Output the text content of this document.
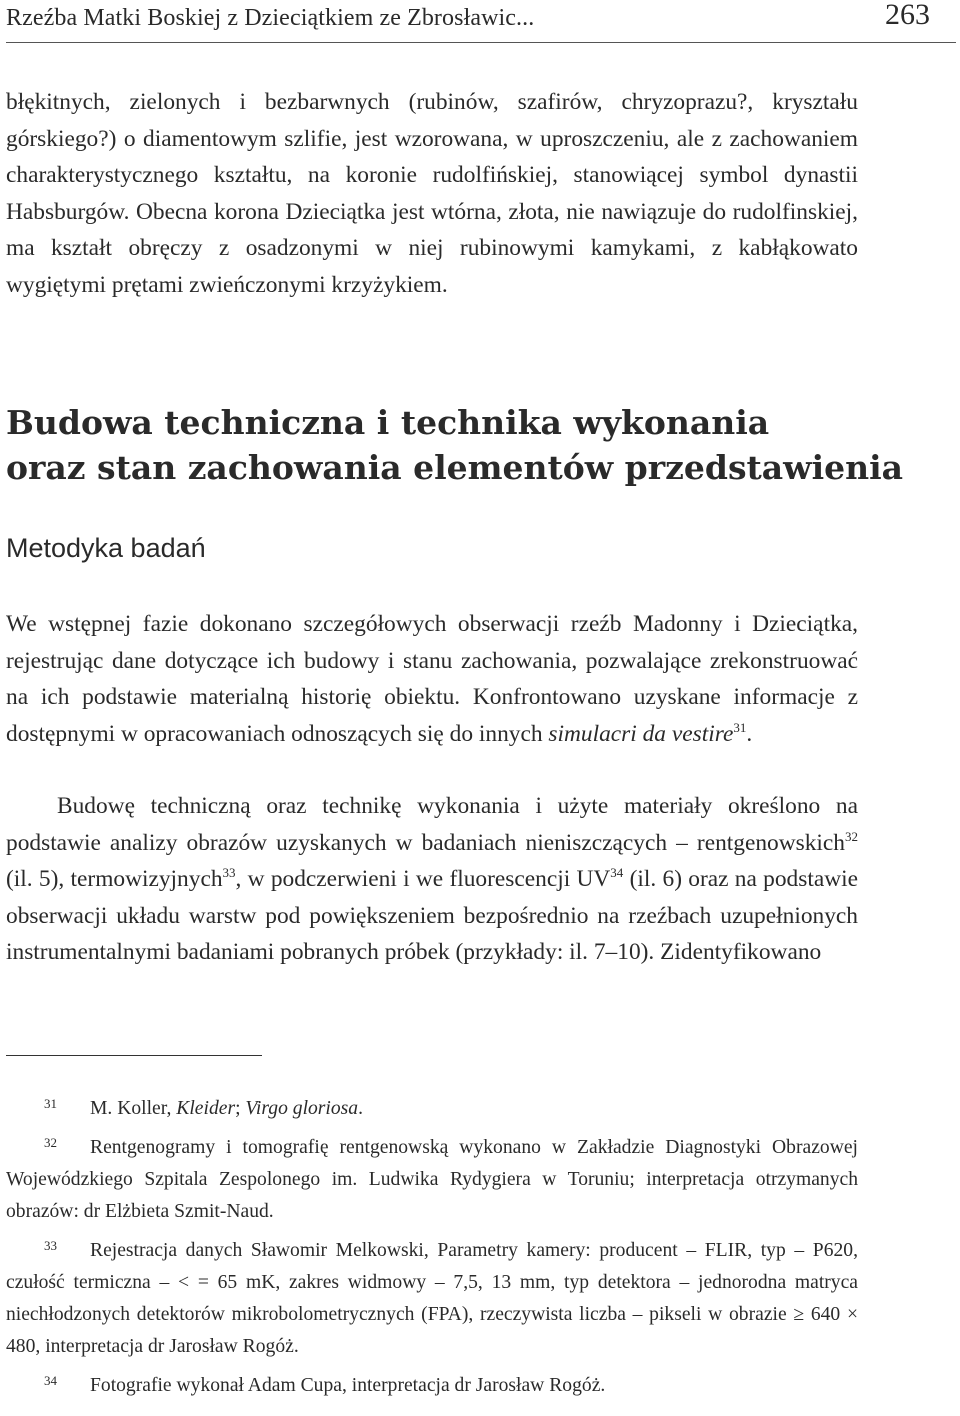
Rzeźba Matki Boskiej z Dzieciątkiem ze Zbrosławic...	263

błękitnych, zielonych i bezbarwnych (rubinów, szafirów, chryzoprazu?, kryształu górskiego?) o diamentowym szlifie, jest wzorowana, w uproszczeniu, ale z zachowaniem charakterystycznego kształtu, na koronie rudolfińskiej, stanowiącej symbol dynastii Habsburgów. Obecna korona Dzieciątka jest wtórna, złota, nie nawiązuje do rudolfinskiej, ma kształt obręczy z osadzonymi w niej rubinowymi kamykami, z kabłąkowato wygiętymi prętami zwieńczonymi krzyżykiem.

Budowa techniczna i technika wykonania
oraz stan zachowania elementów przedstawienia
Metodyka badań

We wstępnej fazie dokonano szczegółowych obserwacji rzeźb Madonny i Dzieciątka, rejestrując dane dotyczące ich budowy i stanu zachowania, pozwalające zrekonstruować na ich podstawie materialną historię obiektu. Konfrontowano uzyskane informacje z dostępnymi w opracowaniach odnoszących się do innych simulacri da vestire$^{31}$.

Budowę techniczną oraz technikę wykonania i użyte materiały określono na podstawie analizy obrazów uzyskanych w badaniach nieniszczących – rentgenowskich$^{32}$ (il. 5), termowizyjnych$^{33}$, w podczerwieni i we fluorescencji UV$^{34}$ (il. 6) oraz na podstawie obserwacji układu warstw pod powiększeniem bezpośrednio na rzeźbach uzupełnionych instrumentalnymi badaniami pobranych próbek (przykłady: il. 7–10). Zidentyfikowano

31 M. Koller, Kleider; Virgo gloriosa.

32 Rentgenogramy i tomografię rentgenowską wykonano w Zakładzie Diagnostyki Obrazowej Wojewódzkiego Szpitala Zespolonego im. Ludwika Rydygiera w Toruniu; interpretacja otrzymanych obrazów: dr Elżbieta Szmit-Naud.

33 Rejestracja danych Sławomir Melkowski, Parametry kamery: producent – FLIR, typ – P620, czułość termiczna – < = 65 mK, zakres widmowy – 7,5, 13 mm, typ detektora – jednorodna matryca niechłodzonych detektorów mikrobolometrycznych (FPA), rzeczywista liczba – pikseli w obrazie ≥ 640 × 480, interpretacja dr Jarosław Rogóż.

34 Fotografie wykonał Adam Cupa, interpretacja dr Jarosław Rogóż.
